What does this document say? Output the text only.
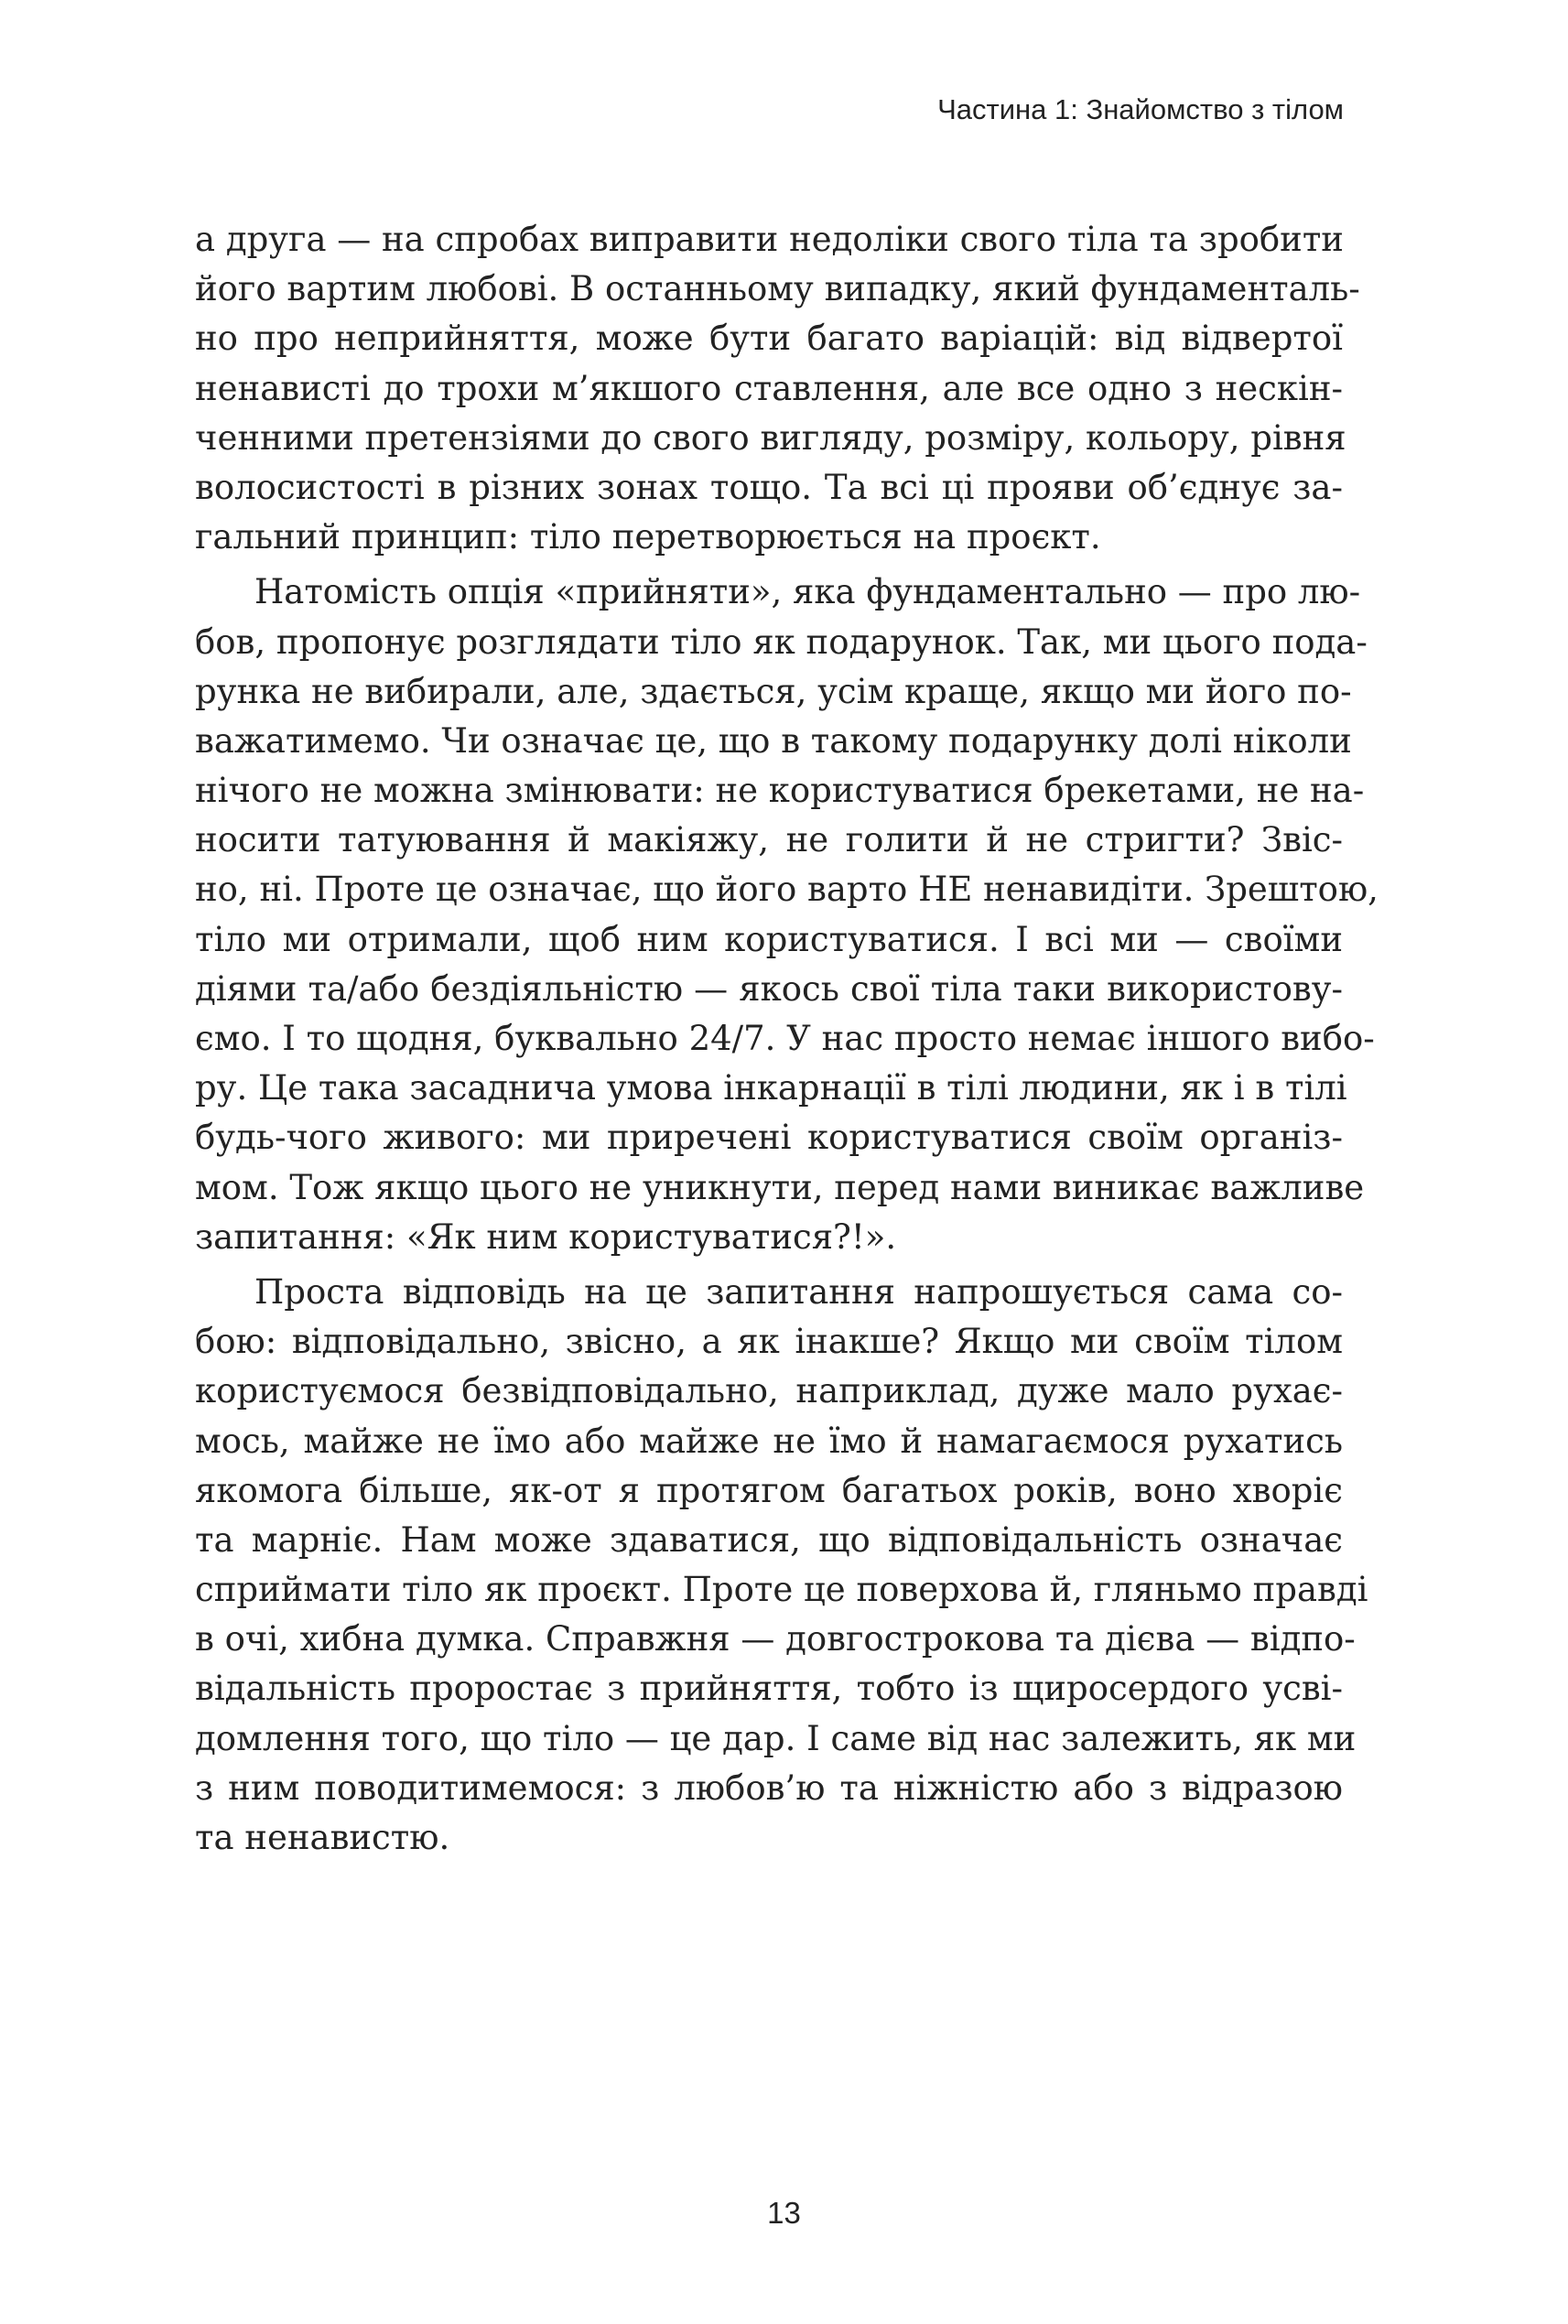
Частина 1: Знайомство з тілом
а друга — на спробах виправити недоліки свого тіла та зробити
його вартим любові. В останньому випадку, який фундаменталь-
но про неприйняття, може бути багато варіацій: від відвертої
ненависті до трохи м’якшого ставлення, але все одно з нескін-
ченними претензіями до свого вигляду, розміру, кольору, рівня
волосистості в різних зонах тощо. Та всі ці прояви об’єднує за-
гальний принцип: тіло перетворюється на проєкт.
Натомість опція «прийняти», яка фундаментально — про лю-
бов, пропонує розглядати тіло як подарунок. Так, ми цього пода-
рунка не вибирали, але, здається, усім краще, якщо ми його по-
важатимемо. Чи означає це, що в такому подарунку долі ніколи
нічого не можна змінювати: не користуватися брекетами, не на-
носити татуювання й макіяжу, не голити й не стригти? Звіс-
но, ні. Проте це означає, що його варто НЕ ненавидіти. Зрештою,
тіло ми отримали, щоб ним користуватися. І всі ми — своїми
діями та/або бездіяльністю — якось свої тіла таки використову-
ємо. І то щодня, буквально 24/7. У нас просто немає іншого вибо-
ру. Це така засаднича умова інкарнації в тілі людини, як і в тілі
будь-чого живого: ми приречені користуватися своїм організ-
мом. Тож якщо цього не уникнути, перед нами виникає важливе
запитання: «Як ним користуватися?!».
Проста відповідь на це запитання напрошується сама со-
бою: відповідально, звісно, а як інакше? Якщо ми своїм тілом
користуємося безвідповідально, наприклад, дуже мало рухає-
мось, майже не їмо або майже не їмо й намагаємося рухатись
якомога більше, як-от я протягом багатьох років, воно хворіє
та марніє. Нам може здаватися, що відповідальність означає
сприймати тіло як проєкт. Проте це поверхова й, гляньмо правді
в очі, хибна думка. Справжня — довгострокова та дієва — відпо-
відальність проростає з прийняття, тобто із щиросердого усві-
домлення того, що тіло — це дар. І саме від нас залежить, як ми
з ним поводитимемося: з любов’ю та ніжністю або з відразою
та ненавистю.
13
